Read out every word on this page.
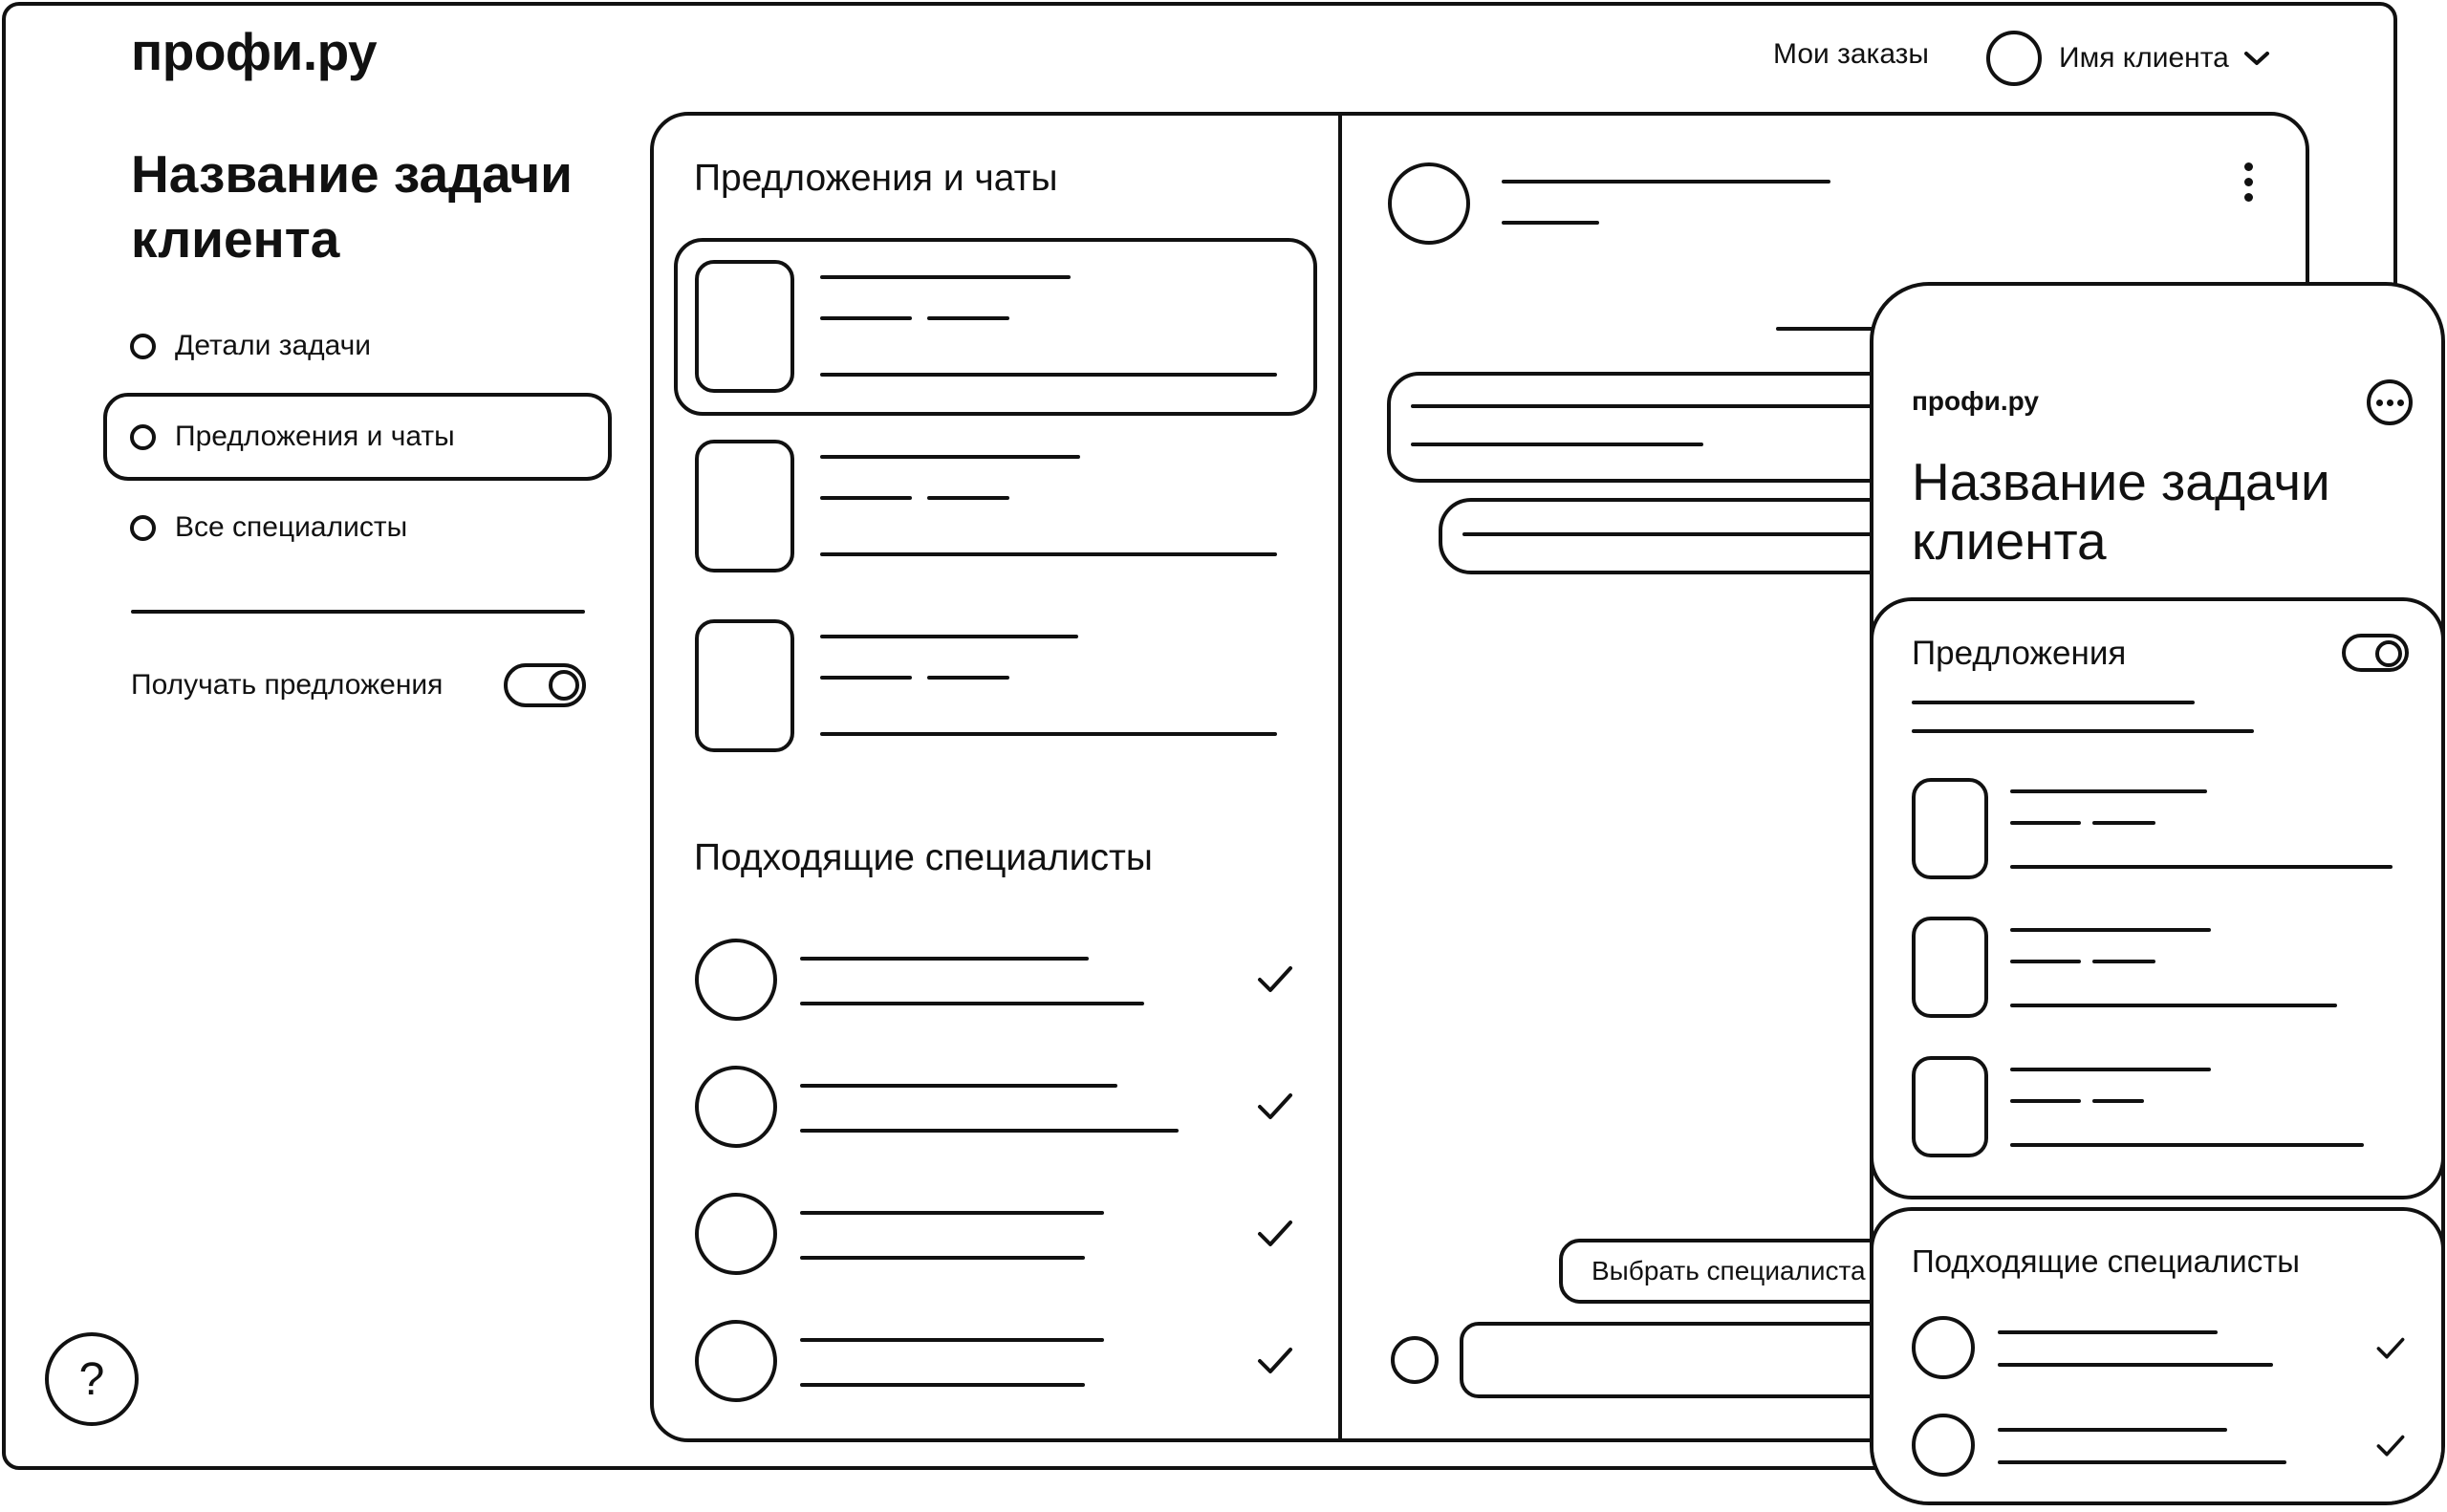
профи.ру	Мои заказы	Имя клиента
Название задачи
клиента
Детали задачи
Предложения и чаты
Все специалисты
Получать предложения
?
Предложения и чаты
Подходящие специалисты
Выбрать специалиста
профи.ру
Название задачи
клиента
Предложения
Подходящие специалисты
